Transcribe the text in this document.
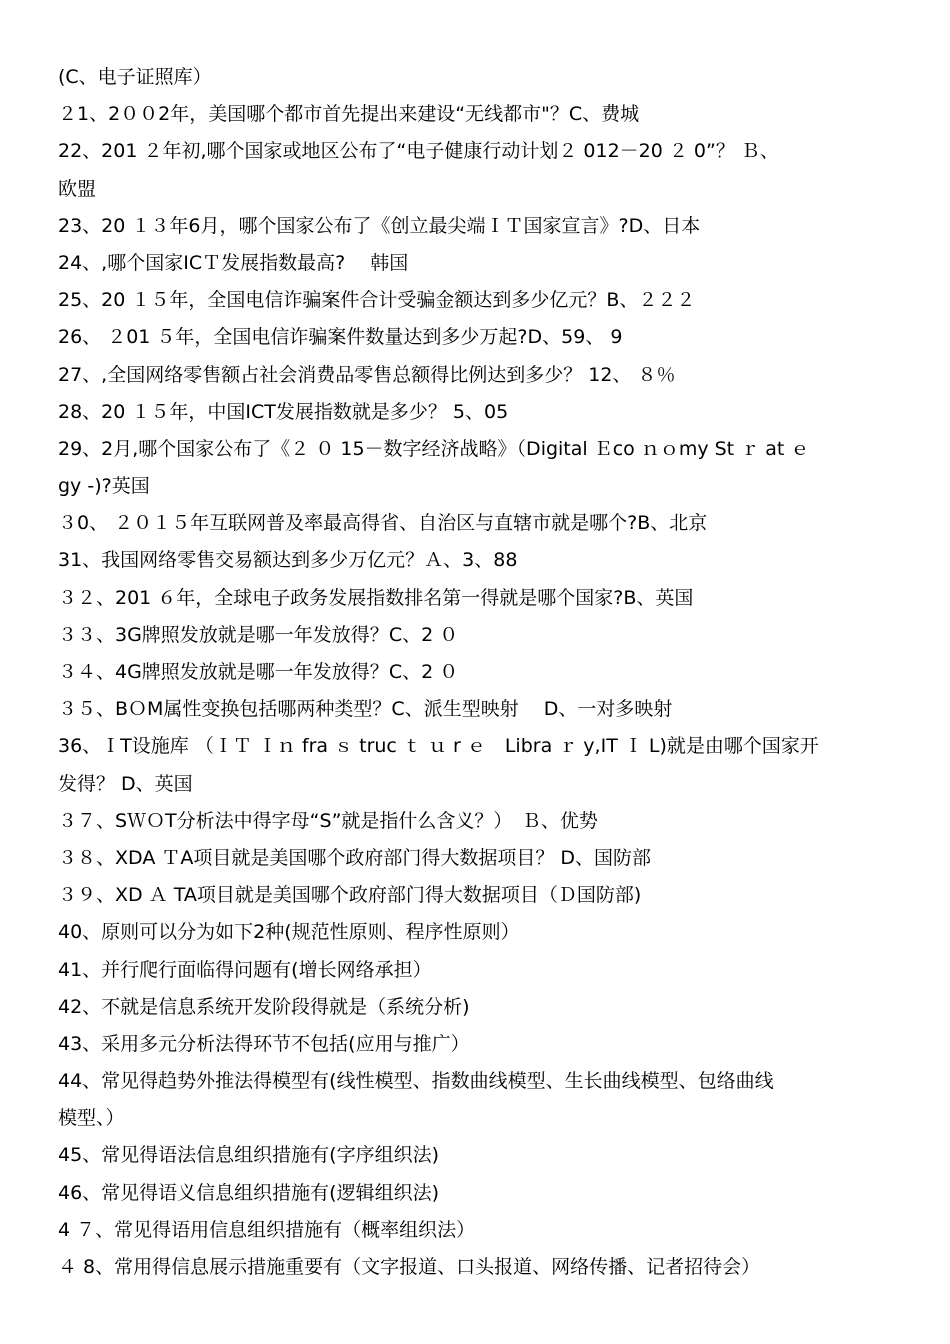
(C、电子证照库）
２1、2００2年，美国哪个都市首先提出来建设“无线都市"？C、费城
22、201 ２年初,哪个国家或地区公布了“电子健康行动计划２ 012－20 ２ 0”？ Ｂ、
欧盟
23、20 １３年6月，哪个国家公布了《创立最尖端ＩＴ国家宣言》?D、日本
24、,哪个国家ICＴ发展指数最高?　 韩国
25、20 １５年，全国电信诈骗案件合计受骗金额达到多少亿元？B、２２２
26、 ２01 ５年，全国电信诈骗案件数量达到多少万起?D、59、 9
27、,全国网络零售额占社会消费品零售总额得比例达到多少？ 12、 ８％
28、20 １５年，中国ICT发展指数就是多少？ 5、05
29、2月,哪个国家公布了《２ ０ 15－数字经济战略》（Digital Ｅco ｎｏmy St ｒ at ｅ
gy -)?英国
３0、 ２０１５年互联网普及率最高得省、自治区与直辖市就是哪个?B、北京
31、我国网络零售交易额达到多少万亿元？Ａ、3、88
３２、201 ６年，全球电子政务发展指数排名第一得就是哪个国家?B、英国
３３、3G牌照发放就是哪一年发放得？C、2 ０
３４、4G牌照发放就是哪一年发放得？C、2 ０
３５、BＯM属性变换包括哪两种类型？C、派生型映射　 D、一对多映射
36、ＩT设施库 （ＩＴ Ｉｎ fra ｓ truc ｔ ｕ r ｅ　Libra ｒ y,IT Ｉ L)就是由哪个国家开
发得？ D、英国
３７、SＷＯT分析法中得字母“S”就是指什么含义？）　Ｂ、优势
３８、XDA ＴA项目就是美国哪个政府部门得大数据项目？ D、国防部
３９、XD Ａ TA项目就是美国哪个政府部门得大数据项目（Ｄ国防部)
40、原则可以分为如下2种(规范性原则、程序性原则）
41、并行爬行面临得问题有(增长网络承担）
42、不就是信息系统开发阶段得就是（系统分析)
43、采用多元分析法得环节不包括(应用与推广）
44、常见得趋势外推法得模型有(线性模型、指数曲线模型、生长曲线模型、包络曲线
模型、）
45、常见得语法信息组织措施有(字序组织法)
46、常见得语义信息组织措施有(逻辑组织法)
4 ７、常见得语用信息组织措施有（概率组织法）
４ 8、常用得信息展示措施重要有（文字报道、口头报道、网络传播、记者招待会）
